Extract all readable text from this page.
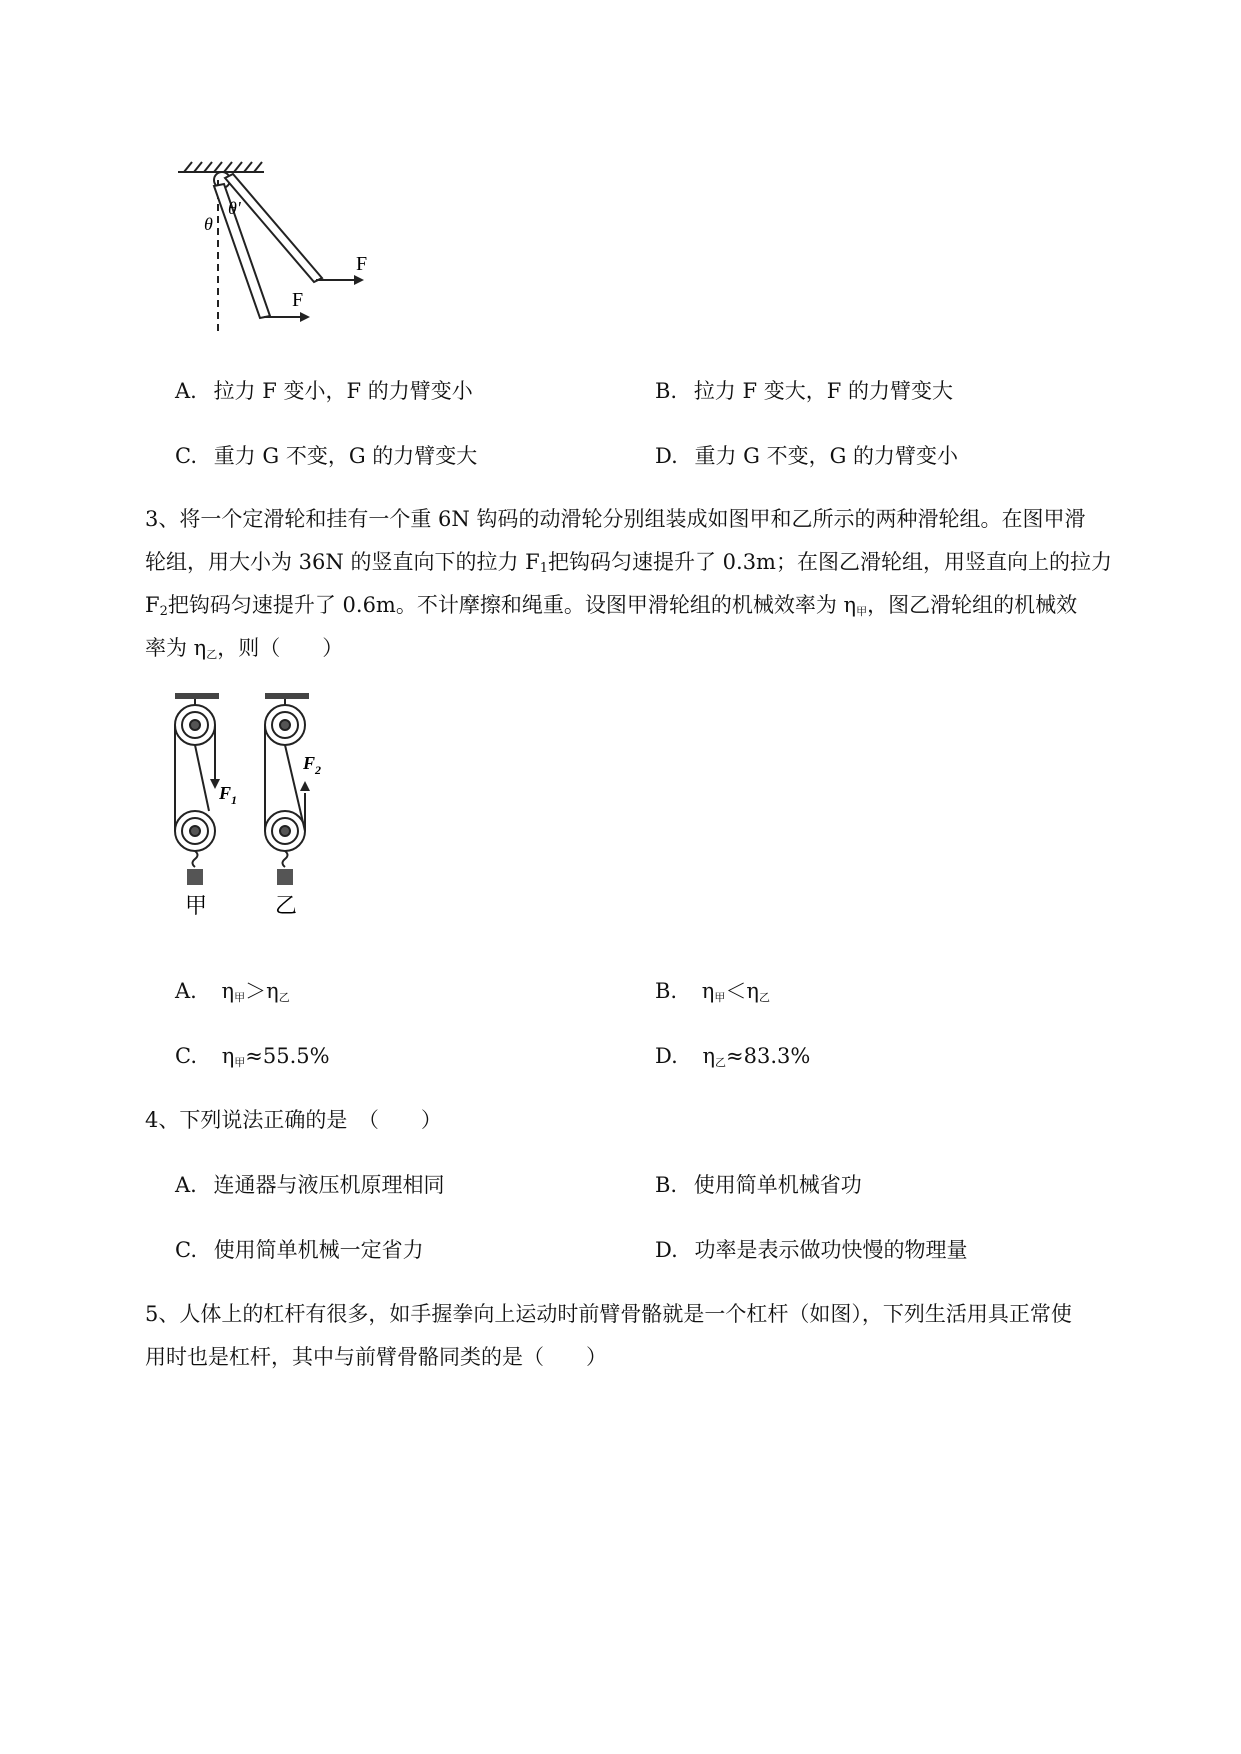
θ
θ'
F
F
A. 拉力 F 变小，F 的力臂变小	B. 拉力 F 变大，F 的力臂变大
C. 重力 G 不变，G 的力臂变大	D. 重力 G 不变，G 的力臂变小
3、将一个定滑轮和挂有一个重 6N 钩码的动滑轮分别组装成如图甲和乙所示的两种滑轮组。在图甲滑
轮组，用大小为 36N 的竖直向下的拉力 $F_1$把钩码匀速提升了 0.3m；在图乙滑轮组，用竖直向上的拉力
$F_2$把钩码匀速提升了 0.6m。不计摩擦和绳重。设图甲滑轮组的机械效率为 $\eta_甲$，图乙滑轮组的机械效
率为 $\eta_乙$，则（　　）
$F_1$
甲
$F_2$
乙
A. $\eta_甲>\eta_乙$	B. $\eta_甲<\eta_乙$
C. $\eta_甲\approx 55.5\%$	D. $\eta_乙\approx 83.3\%$
4、下列说法正确的是　（　　）
A. 连通器与液压机原理相同	B. 使用简单机械省功
C. 使用简单机械一定省力	D. 功率是表示做功快慢的物理量
5、人体上的杠杆有很多，如手握拳向上运动时前臂骨骼就是一个杠杆（如图），下列生活用具正常使
用时也是杠杆，其中与前臂骨骼同类的是（　　）
